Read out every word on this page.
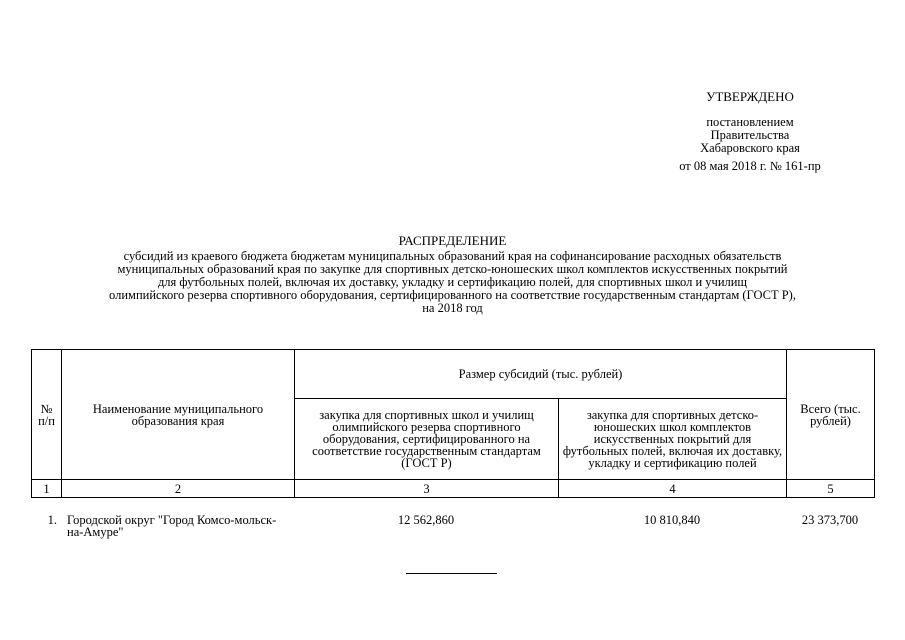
УТВЕРЖДЕНО
постановлением
Правительства
Хабаровского края
от 08 мая 2018 г. № 161-пр
РАСПРЕДЕЛЕНИЕ
субсидий из краевого бюджета бюджетам муниципальных образований края на софинансирование расходных обязательств
муниципальных образований края по закупке для спортивных детско-юношеских школ комплектов искусственных покрытий
для футбольных полей, включая их доставку, укладку и сертификацию полей, для спортивных школ и училищ
олимпийского резерва спортивного оборудования, сертифицированного на соответствие государственным стандартам (ГОСТ Р),
на 2018 год
№ п/п	Наименование муниципального образования края	Размер субсидий (тыс. рублей)		Всего (тыс. рублей)
		закупка для спортивных школ и училищ олимпийского резерва спортивного оборудования, сертифицированного на соответствие государственным стандартам (ГОСТ Р)	закупка для спортивных детско-юношеских школ комплектов искусственных покрытий для футбольных полей, включая их доставку, укладку и сертификацию полей	
1	2	3	4	5
1.	Городской округ "Город Комсо-мольск-на-Амуре"	12 562,860	10 810,840	23 373,700
